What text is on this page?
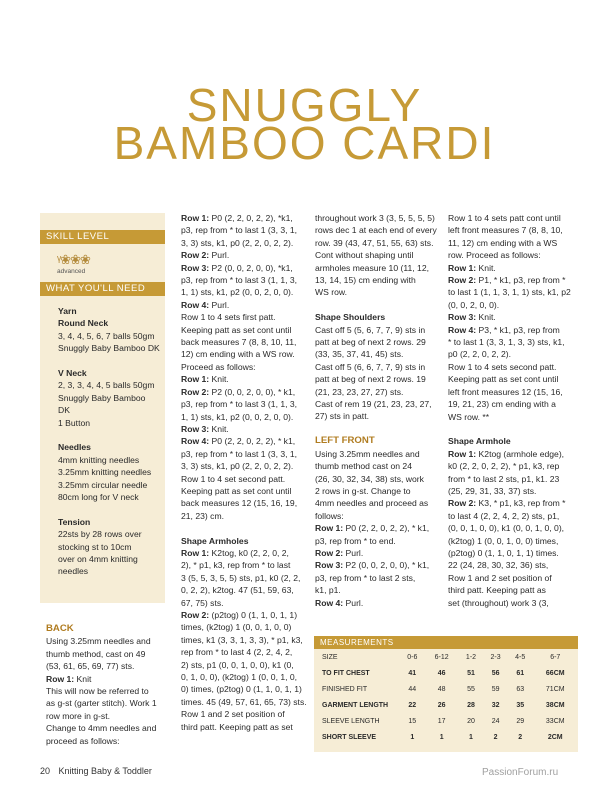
SNUGGLY
BAMBOO CARDI
SKILL LEVEL
ᵞ❀❀❀
advanced
WHAT YOU'LL NEED

Yarn

Round Neck

3, 4, 4, 5, 6, 7 balls 50gm

Snuggly Baby Bamboo DK

V Neck

2, 3, 3, 4, 4, 5 balls 50gm

Snuggly Baby Bamboo

DK

1 Button

Needles

4mm knitting needles

3.25mm knitting needles

3.25mm circular needle

80cm long for V neck

Tension

22sts by 28 rows over

stocking st to 10cm

over on 4mm knitting

needles

BACK

Using 3.25mm needles and

thumb method, cast on 49

(53, 61, 65, 69, 77) sts.

Row 1: Knit

This will now be referred to

as g-st (garter stitch). Work 1

row more in g-st.

Change to 4mm needles and

proceed as follows:

Row 1: P0 (2, 2, 0, 2, 2), *k1,

p3, rep from * to last 1 (3, 3, 1,

3, 3) sts, k1, p0 (2, 2, 0, 2, 2).

Row 2: Purl.

Row 3: P2 (0, 0, 2, 0, 0), *k1,

p3, rep from * to last 3 (1, 1, 3,

1, 1) sts, k1, p2 (0, 0, 2, 0, 0).

Row 4: Purl.

Row 1 to 4 sets first patt.

Keeping patt as set cont until

back measures 7 (8, 8, 10, 11,

12) cm ending with a WS row.

Proceed as follows:

Row 1: Knit.

Row 2: P2 (0, 0, 2, 0, 0), * k1,

p3, rep from * to last 3 (1, 1, 3,

1, 1) sts, k1, p2 (0, 0, 2, 0, 0).

Row 3: Knit.

Row 4: P0 (2, 2, 0, 2, 2), * k1,

p3, rep from * to last 1 (3, 3, 1,

3, 3) sts, k1, p0 (2, 2, 0, 2, 2).

Row 1 to 4 set second patt.

Keeping patt as set cont until

back measures 12 (15, 16, 19,

21, 23) cm.

Shape Armholes

Row 1: K2tog, k0 (2, 2, 0, 2,

2), * p1, k3, rep from * to last

3 (5, 5, 3, 5, 5) sts, p1, k0 (2, 2,

0, 2, 2), k2tog. 47 (51, 59, 63,

67, 75) sts.

Row 2: (p2tog) 0 (1, 1, 0, 1, 1)

times, (k2tog) 1 (0, 0, 1, 0, 0)

times, k1 (3, 3, 1, 3, 3), * p1, k3,

rep from * to last 4 (2, 2, 4, 2,

2) sts, p1 (0, 0, 1, 0, 0), k1 (0,

0, 1, 0, 0), (k2tog) 1 (0, 0, 1, 0,

0) times, (p2tog) 0 (1, 1, 0, 1, 1)

times. 45 (49, 57, 61, 65, 73) sts.

Row 1 and 2 set position of

third patt. Keeping patt as set

throughout work 3 (3, 5, 5, 5, 5)

rows dec 1 at each end of every

row. 39 (43, 47, 51, 55, 63) sts.

Cont without shaping until

armholes measure 10 (11, 12,

13, 14, 15) cm ending with

WS row.

Shape Shoulders

Cast off 5 (5, 6, 7, 7, 9) sts in

patt at beg of next 2 rows. 29

(33, 35, 37, 41, 45) sts.

Cast off 5 (6, 6, 7, 7, 9) sts in

patt at beg of next 2 rows. 19

(21, 23, 23, 27, 27) sts.

Cast of rem 19 (21, 23, 23, 27,

27) sts in patt.

LEFT FRONT

Using 3.25mm needles and

thumb method cast on 24

(26, 30, 32, 34, 38) sts, work

2 rows in g-st. Change to

4mm needles and proceed as

follows:

Row 1: P0 (2, 2, 0, 2, 2), * k1,

p3, rep from * to end.

Row 2: Purl.

Row 3: P2 (0, 0, 2, 0, 0), * k1,

p3, rep from * to last 2 sts,

k1, p1.

Row 4: Purl.

Row 1 to 4 sets patt cont until

left front measures 7 (8, 8, 10,

11, 12) cm ending with a WS

row. Proceed as follows:

Row 1: Knit.

Row 2: P1, * k1, p3, rep from *

to last 1 (1, 1, 3, 1, 1) sts, k1, p2

(0, 0, 2, 0, 0).

Row 3: Knit.

Row 4: P3, * k1, p3, rep from

* to last 1 (3, 3, 1, 3, 3) sts, k1,

p0 (2, 2, 0, 2, 2).

Row 1 to 4 sets second patt.

Keeping patt as set cont until

left front measures 12 (15, 16,

19, 21, 23) cm ending with a

WS row. **

Shape Armhole

Row 1: K2tog (armhole edge),

k0 (2, 2, 0, 2, 2), * p1, k3, rep

from * to last 2 sts, p1, k1. 23

(25, 29, 31, 33, 37) sts.

Row 2: K3, * p1, k3, rep from *

to last 4 (2, 2, 4, 2, 2) sts, p1,

(0, 0, 1, 0, 0), k1 (0, 0, 1, 0, 0),

(k2tog) 1 (0, 0, 1, 0, 0) times,

(p2tog) 0 (1, 1, 0, 1, 1) times.

22 (24, 28, 30, 32, 36) sts,

Row 1 and 2 set position of

third patt. Keeping patt as

set (throughout) work 3 (3,

MEASUREMENTS
SIZE	0-6	6-12	1-2	2-3	4-5	6-7
TO FIT CHEST	41	46	51	56	61	66CM
FINISHED FIT	44	48	55	59	63	71CM
GARMENT LENGTH	22	26	28	32	35	38CM
SLEEVE LENGTH	15	17	20	24	29	33CM
SHORT SLEEVE	1	1	1	2	2	2CM
20 Knitting Baby & Toddler	PassionForum.ru
